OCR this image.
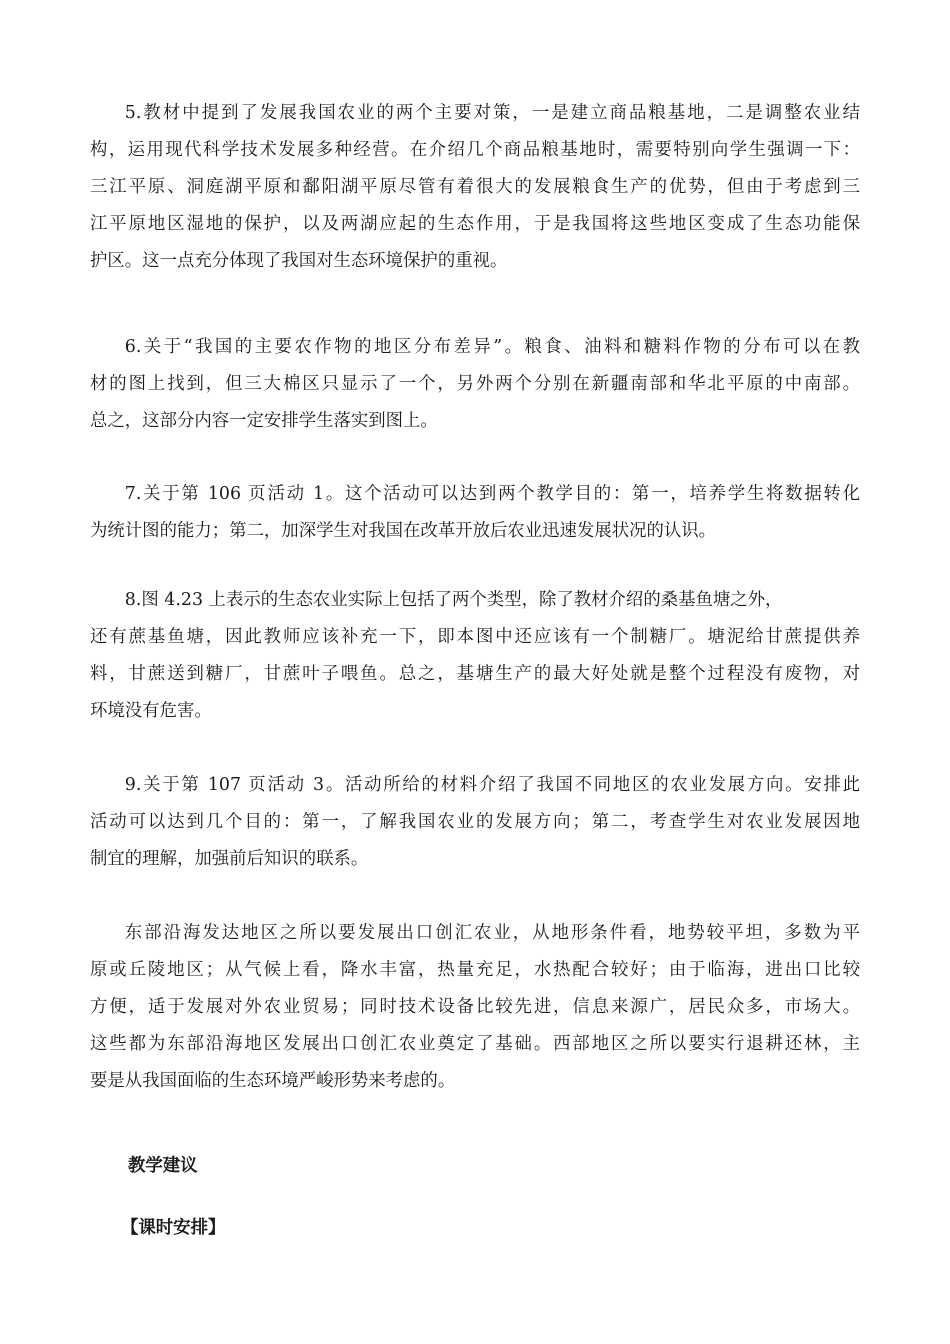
5.教材中提到了发展我国农业的两个主要对策，一是建立商品粮基地，二是调整农业结
构，运用现代科学技术发展多种经营。在介绍几个商品粮基地时，需要特别向学生强调一下：
三江平原、洞庭湖平原和鄱阳湖平原尽管有着很大的发展粮食生产的优势，但由于考虑到三
江平原地区湿地的保护，以及两湖应起的生态作用，于是我国将这些地区变成了生态功能保
护区。这一点充分体现了我国对生态环境保护的重视。
6.关于“我国的主要农作物的地区分布差异”。粮食、油料和糖料作物的分布可以在教
材的图上找到，但三大棉区只显示了一个，另外两个分别在新疆南部和华北平原的中南部。
总之，这部分内容一定安排学生落实到图上。
7.关于第 106 页活动 1。这个活动可以达到两个教学目的：第一，培养学生将数据转化
为统计图的能力；第二，加深学生对我国在改革开放后农业迅速发展状况的认识。
8.图 4.23 上表示的生态农业实际上包括了两个类型，除了教材介绍的桑基鱼塘之外，
还有蔗基鱼塘，因此教师应该补充一下，即本图中还应该有一个制糖厂。塘泥给甘蔗提供养
料，甘蔗送到糖厂，甘蔗叶子喂鱼。总之，基塘生产的最大好处就是整个过程没有废物，对
环境没有危害。
9.关于第 107 页活动 3。活动所给的材料介绍了我国不同地区的农业发展方向。安排此
活动可以达到几个目的：第一，了解我国农业的发展方向；第二，考查学生对农业发展因地
制宜的理解，加强前后知识的联系。
东部沿海发达地区之所以要发展出口创汇农业，从地形条件看，地势较平坦，多数为平
原或丘陵地区；从气候上看，降水丰富，热量充足，水热配合较好；由于临海，进出口比较
方便，适于发展对外农业贸易；同时技术设备比较先进，信息来源广，居民众多，市场大。
这些都为东部沿海地区发展出口创汇农业奠定了基础。西部地区之所以要实行退耕还林，主
要是从我国面临的生态环境严峻形势来考虑的。
教学建议
【课时安排】
